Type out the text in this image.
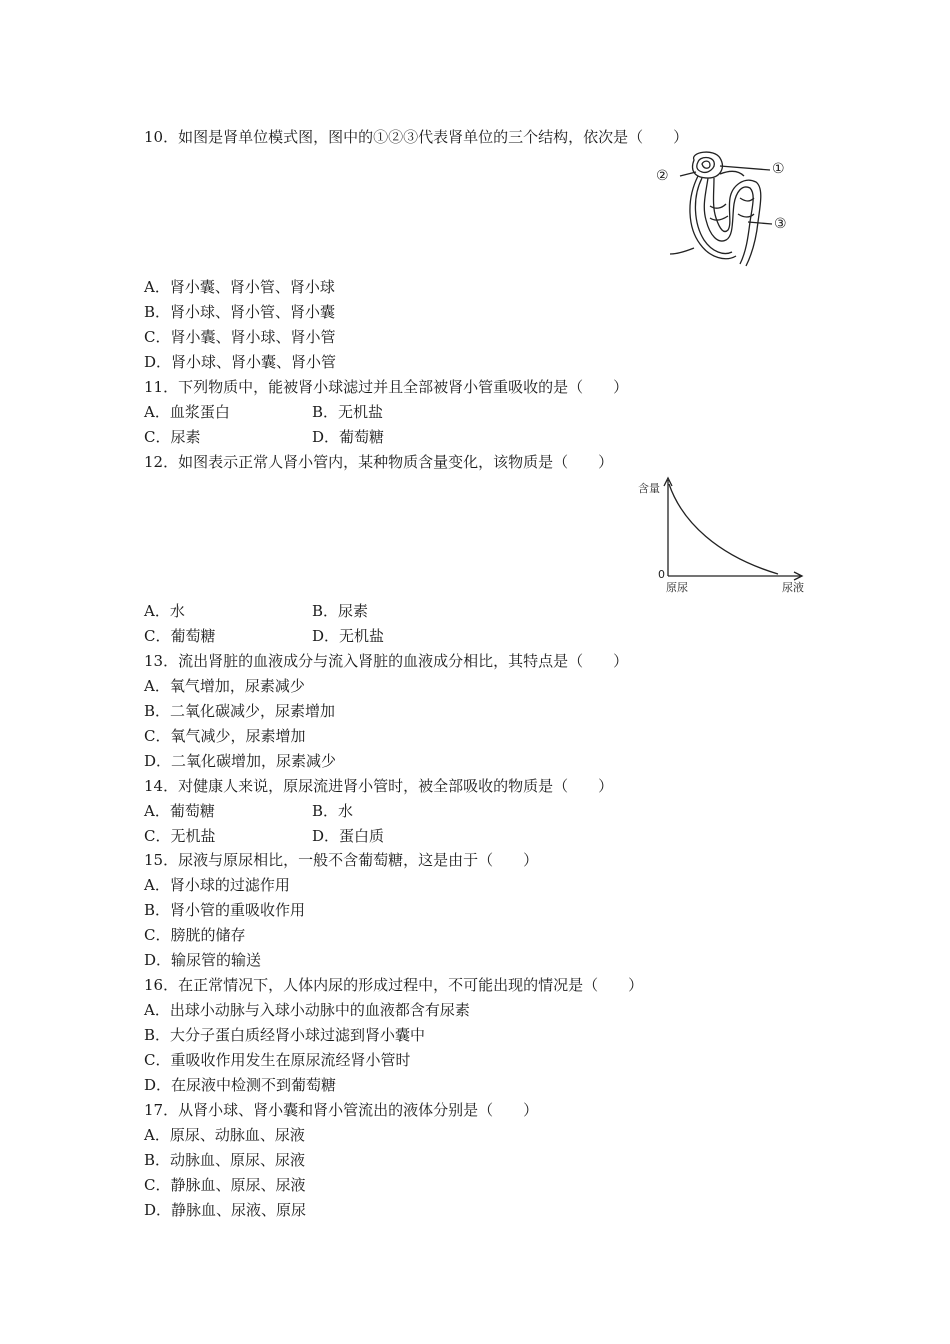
10．如图是肾单位模式图，图中的①②③代表肾单位的三个结构，依次是（　　）
①
②
③
A．肾小囊、肾小管、肾小球
B．肾小球、肾小管、肾小囊
C．肾小囊、肾小球、肾小管
D．肾小球、肾小囊、肾小管
11．下列物质中，能被肾小球滤过并且全部被肾小管重吸收的是（　　）
A．血浆蛋白	B．无机盐
C．尿素	D．葡萄糖
12．如图表示正常人肾小管内，某种物质含量变化，该物质是（　　）
含量
0
原尿	尿液
A．水	B．尿素
C．葡萄糖	D．无机盐
13．流出肾脏的血液成分与流入肾脏的血液成分相比，其特点是（　　）
A．氧气增加，尿素减少
B．二氧化碳减少，尿素增加
C．氧气减少，尿素增加
D．二氧化碳增加，尿素减少
14．对健康人来说，原尿流进肾小管时，被全部吸收的物质是（　　）
A．葡萄糖	B．水
C．无机盐	D．蛋白质
15．尿液与原尿相比，一般不含葡萄糖，这是由于（　　）
A．肾小球的过滤作用
B．肾小管的重吸收作用
C．膀胱的储存
D．输尿管的输送
16．在正常情况下，人体内尿的形成过程中，不可能出现的情况是（　　）
A．出球小动脉与入球小动脉中的血液都含有尿素
B．大分子蛋白质经肾小球过滤到肾小囊中
C．重吸收作用发生在原尿流经肾小管时
D．在尿液中检测不到葡萄糖
17．从肾小球、肾小囊和肾小管流出的液体分别是（　　）
A．原尿、动脉血、尿液
B．动脉血、原尿、尿液
C．静脉血、原尿、尿液
D．静脉血、尿液、原尿
